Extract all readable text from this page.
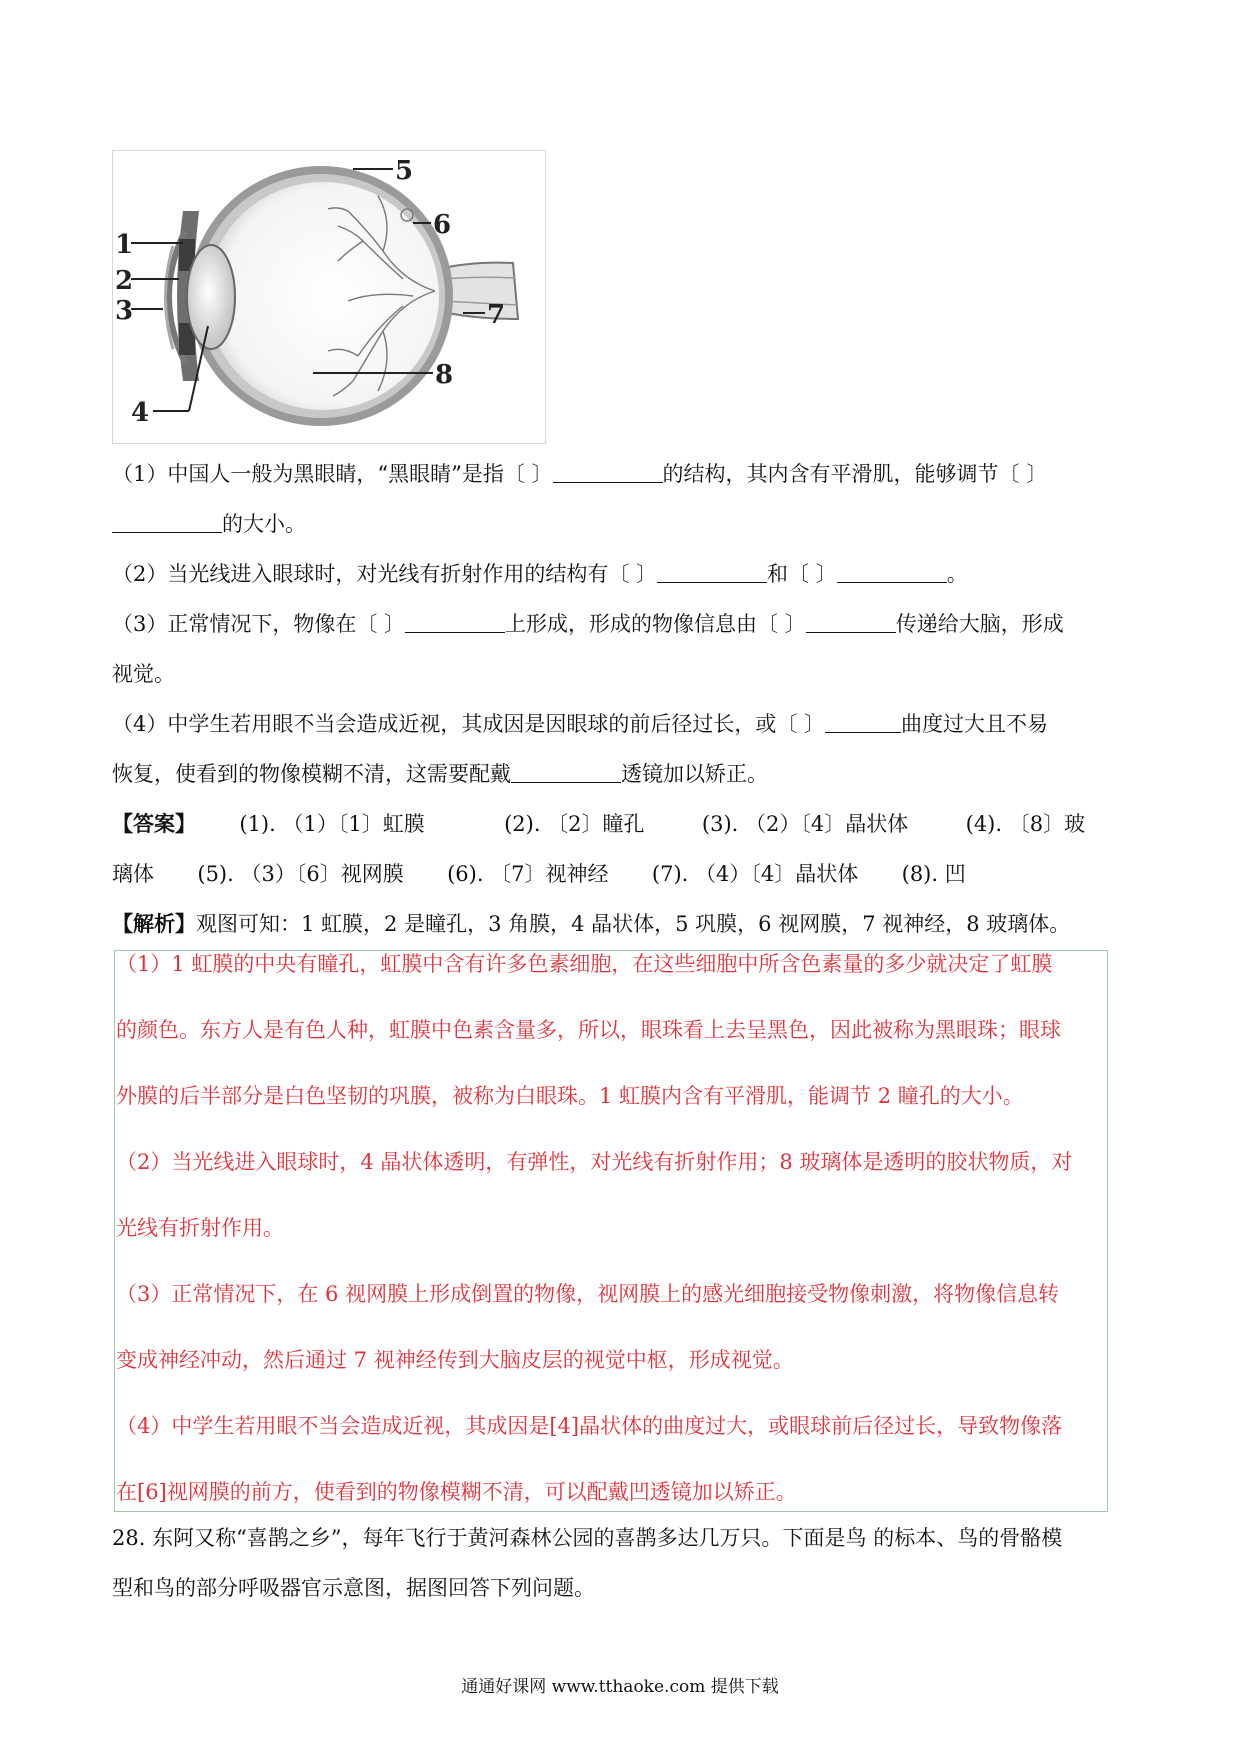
5
6
1
2
3	7
8
4
（1）中国人一般为黑眼睛，“黑眼睛”是指〔 〕	的结构，其内含有平滑肌，能够调节〔 〕
的大小。
（2）当光线进入眼球时，对光线有折射作用的结构有〔 〕	和〔 〕	。
（3）正常情况下，物像在〔 〕	上形成，形成的物像信息由〔 〕	传递给大脑，形成
视觉。
（4）中学生若用眼不当会造成近视，其成因是因眼球的前后径过长，或〔 〕	曲度过大且不易
恢复，使看到的物像模糊不清，这需要配戴	透镜加以矫正。
【答案】 (1). （1）〔1〕虹膜	(2). 〔2〕瞳孔	(3). （2）〔4〕晶状体	(4). 〔8〕玻
璃体 (5). （3）〔6〕视网膜 (6). 〔7〕视神经 (7). （4）〔4〕晶状体 (8). 凹
【解析】观图可知：1 虹膜，2 是瞳孔，3 角膜，4 晶状体，5 巩膜，6 视网膜，7 视神经，8 玻璃体。
（1）1 虹膜的中央有瞳孔，虹膜中含有许多色素细胞，在这些细胞中所含色素量的多少就决定了虹膜
的颜色。东方人是有色人种，虹膜中色素含量多，所以，眼珠看上去呈黑色，因此被称为黑眼珠；眼球
外膜的后半部分是白色坚韧的巩膜，被称为白眼珠。1 虹膜内含有平滑肌，能调节 2 瞳孔的大小。
（2）当光线进入眼球时，4 晶状体透明，有弹性，对光线有折射作用；8 玻璃体是透明的胶状物质，对
光线有折射作用。
（3）正常情况下，在 6 视网膜上形成倒置的物像，视网膜上的感光细胞接受物像刺激，将物像信息转
变成神经冲动，然后通过 7 视神经传到大脑皮层的视觉中枢，形成视觉。
（4）中学生若用眼不当会造成近视，其成因是[4]晶状体的曲度过大，或眼球前后径过长，导致物像落
在[6]视网膜的前方，使看到的物像模糊不清，可以配戴凹透镜加以矫正。
28. 东阿又称“喜鹊之乡”，每年飞行于黄河森林公园的喜鹊多达几万只。下面是鸟 的标本、鸟的骨骼模
型和鸟的部分呼吸器官示意图，据图回答下列问题。
通通好课网 www.tthaoke.com 提供下载
